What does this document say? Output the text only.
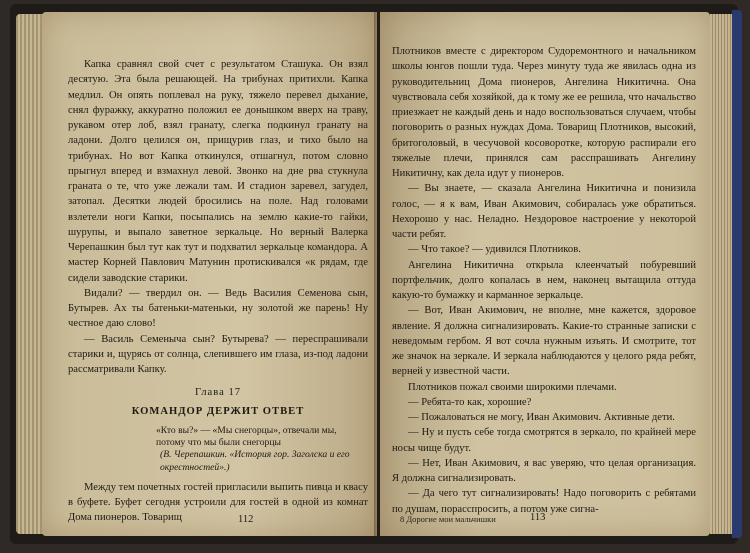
Капка сравнял свой счет с результатом Сташука. Он взял десятую. Эта была решающей. На трибунах притихли. Капка медлил. Он опять поплевал на руку, тяжело перевел дыхание, снял фуражку, аккуратно положил ее донышком вверх на траву, рукавом отер лоб, взял гранату, слегка подкинул гранату на ладони. Долго целился он, прищурив глаз, и тихо было на трибунах. Но вот Капка откинулся, отшагнул, потом словно прыгнул вперед и взмахнул левой. Звонко на дне рва стукнула граната о те, что уже лежали там. И стадион заревел, загудел, затопал. Десятки людей бросились на поле. Над головами взлетели ноги Капки, посыпались на землю какие-то гайки, шурупы, и выпало заветное зеркальце. Но верный Валерка Черепашкин был тут как тут и подхватил зеркальце командора. А мастер Корней Павлович Матунин протискивался «к рядам, где сидели заводские старики.

Видали? — твердил он. — Ведь Василия Семенова сын, Бутырев. Ах ты батеньки-матеньки, ну золотой же парень! Ну честное даю слово!

— Василь Семеныча сын? Бутырева? — переспрашивали старики и, щурясь от солнца, слепившего им глаза, из-под ладони рассматривали Капку.

Глава 17
КОМАНДОР ДЕРЖИТ ОТВЕТ
«Кто вы?» — «Мы снегорцы», отвечали мы, потому что мы были снегорцы
(В. Черепашкин. «История гор. Заголска и его окрестностей».)

Между тем почетных гостей пригласили выпить пивца и квасу в буфете. Буфет сегодня устроили для гостей в одной из комнат Дома пионеров. Товарищ	112

Плотников вместе с директором Судоремонтного и начальником школы юнгов пошли туда. Через минуту туда же явилась одна из руководительниц Дома пионеров, Ангелина Никитична. Она чувствовала себя хозяйкой, да к тому же ее решила, что начальство приезжает не каждый день и надо воспользоваться случаем, чтобы поговорить о разных нуждах Дома. Товарищ Плотников, высокий, бритоголовый, в чесучовой косоворотке, которую распирали его тяжелые плечи, принялся сам расспрашивать Ангелину Никитичну, как дела идут у пионеров.

— Вы знаете, — сказала Ангелина Никитична и понизила голос, — я к вам, Иван Акимович, собиралась уже обратиться. Нехорошо у нас. Неладно. Нездоровое настроение у некоторой части ребят.

— Что такое? — удивился Плотников.

Ангелина Никитична открыла клеенчатый побуревший портфельчик, долго копалась в нем, наконец вытащила оттуда какую-то бумажку и карманное зеркальце.

— Вот, Иван Акимович, не вполне, мне кажется, здоровое явление. Я должна сигнализировать. Какие-то странные записки с неведомым гербом. Я вот сочла нужным изъять. И смотрите, тот же значок на зеркале. И зеркала наблюдаются у целого ряда ребят, верней у известной части.

Плотников пожал своими широкими плечами.

— Ребята-то как, хорошие?

— Пожаловаться не могу, Иван Акимович. Активные дети.

— Ну и пусть себе тогда смотрятся в зеркало, по крайней мере носы чище будут.

— Нет, Иван Акимович, я вас уверяю, что целая организация. Я должна сигнализировать.

— Да чего тут сигнализировать! Надо поговорить с ребятами по душам, порасспросить, а потом уже сигна-

8 Дорогие мои мальчишки	113
